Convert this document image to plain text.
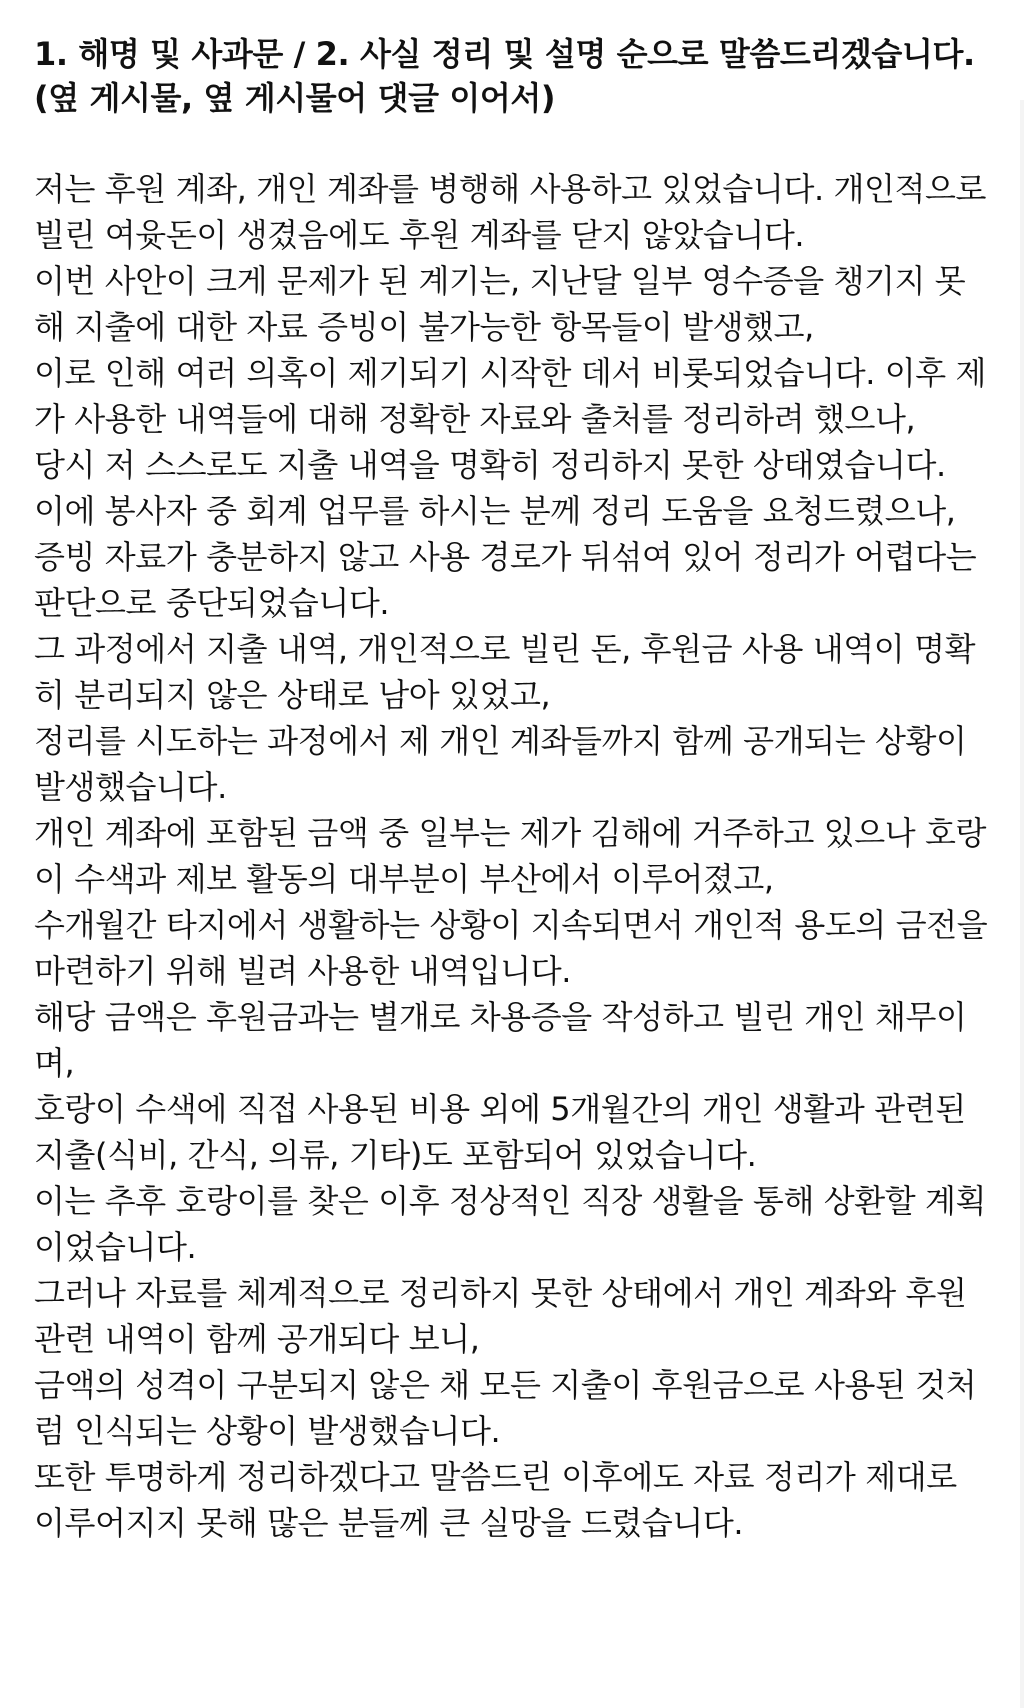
1. 해명 및 사과문 / 2. 사실 정리 및 설명 순으로 말씀드리겠습니다. (옆 게시물, 옆 게시물어 댓글 이어서)

저는 후원 계좌, 개인 계좌를 병행해 사용하고 있었습니다. 개인적으로 빌린 여윳돈이 생겼음에도 후원 계좌를 닫지 않았습니다.

이번 사안이 크게 문제가 된 계기는, 지난달 일부 영수증을 챙기지 못해 지출에 대한 자료 증빙이 불가능한 항목들이 발생했고,

이로 인해 여러 의혹이 제기되기 시작한 데서 비롯되었습니다. 이후 제가 사용한 내역들에 대해 정확한 자료와 출처를 정리하려 했으나,

당시 저 스스로도 지출 내역을 명확히 정리하지 못한 상태였습니다.

이에 봉사자 중 회계 업무를 하시는 분께 정리 도움을 요청드렸으나,

증빙 자료가 충분하지 않고 사용 경로가 뒤섞여 있어 정리가 어렵다는 판단으로 중단되었습니다.

그 과정에서 지출 내역, 개인적으로 빌린 돈, 후원금 사용 내역이 명확히 분리되지 않은 상태로 남아 있었고,

정리를 시도하는 과정에서 제 개인 계좌들까지 함께 공개되는 상황이 발생했습니다.

개인 계좌에 포함된 금액 중 일부는 제가 김해에 거주하고 있으나 호랑이 수색과 제보 활동의 대부분이 부산에서 이루어졌고,

수개월간 타지에서 생활하는 상황이 지속되면서 개인적 용도의 금전을 마련하기 위해 빌려 사용한 내역입니다.

해당 금액은 후원금과는 별개로 차용증을 작성하고 빌린 개인 채무이며,

호랑이 수색에 직접 사용된 비용 외에 5개월간의 개인 생활과 관련된 지출(식비, 간식, 의류, 기타)도 포함되어 있었습니다.

이는 추후 호랑이를 찾은 이후 정상적인 직장 생활을 통해 상환할 계획이었습니다.

그러나 자료를 체계적으로 정리하지 못한 상태에서 개인 계좌와 후원 관련 내역이 함께 공개되다 보니,

금액의 성격이 구분되지 않은 채 모든 지출이 후원금으로 사용된 것처럼 인식되는 상황이 발생했습니다.

또한 투명하게 정리하겠다고 말씀드린 이후에도 자료 정리가 제대로 이루어지지 못해 많은 분들께 큰 실망을 드렸습니다.
